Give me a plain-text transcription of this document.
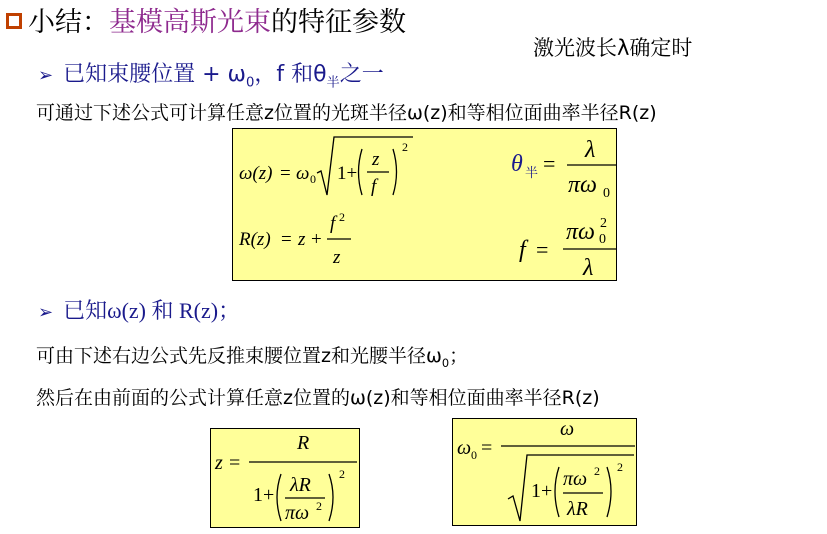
小结：基模高斯光束的特征参数
激光波长λ确定时
➢ 已知束腰位置 + $\omega_0$，f 和$\theta_半$之一
可通过下述公式可计算任意z位置的光斑半径ω(z)和等相位面曲率半径R(z)
ω(z) = ω 0 1+
z
f
2
R(z) = z +
f 2
z
θ 半 =
λ
πω 0
f =
πω 0
2
λ
➢ 已知ω(z) 和 R(z)；
可由下述右边公式先反推束腰位置z和光腰半径$\omega_0$；
然后在由前面的公式计算任意z位置的ω(z)和等相位面曲率半径R(z)
z =
R
1+ λR
πω 2
2
ω 0 =
ω
1+
πω 2
λR
2
